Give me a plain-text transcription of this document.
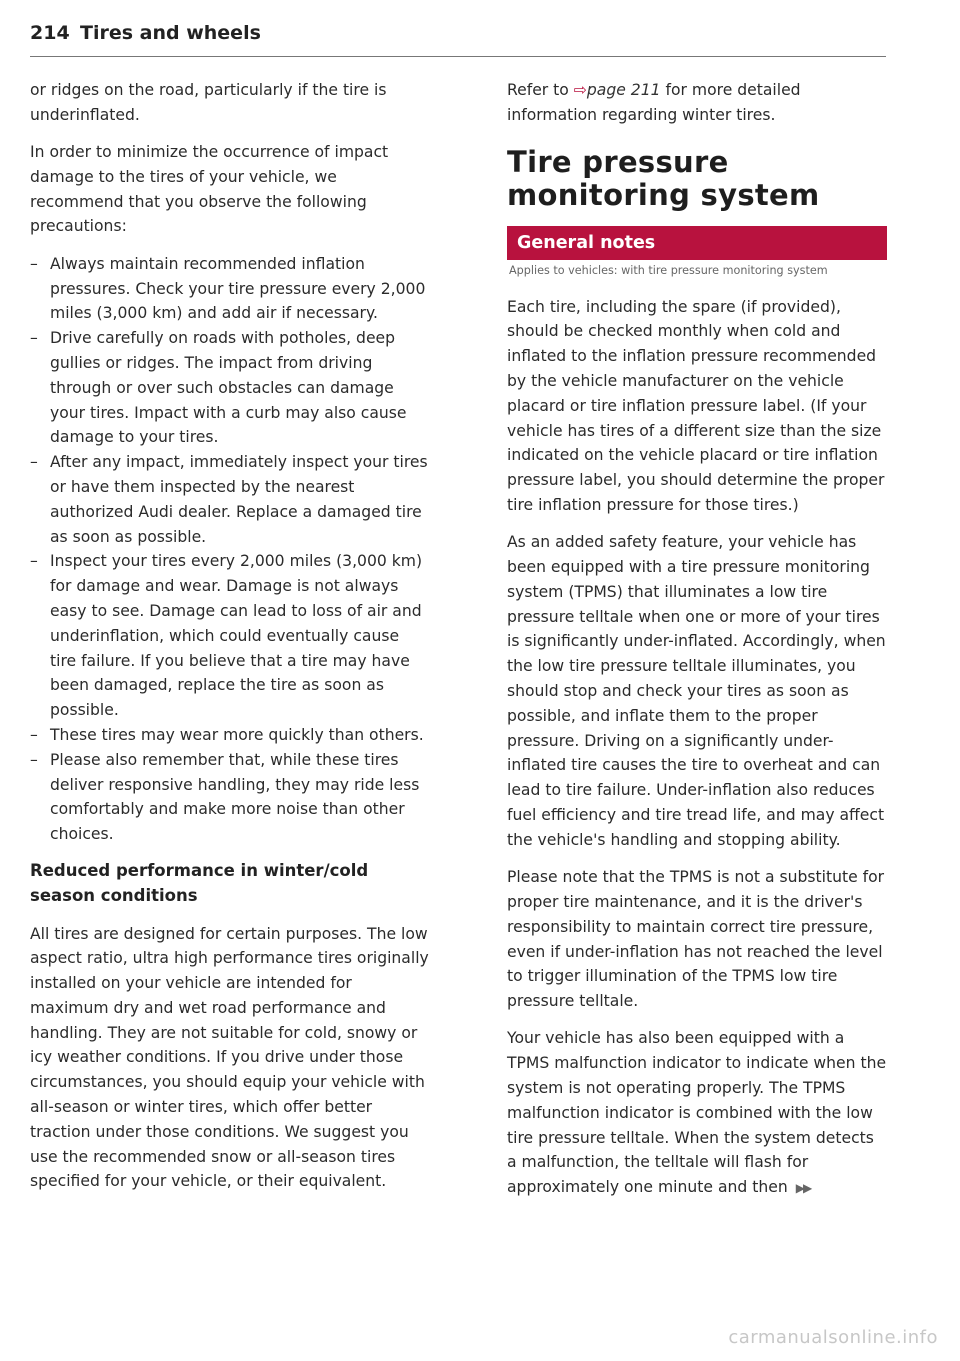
214 Tires and wheels

or ridges on the road, particularly if the tire is underinflated.

In order to minimize the occurrence of impact damage to the tires of your vehicle, we recommend that you observe the following precautions:

– Always maintain recommended inflation pressures. Check your tire pressure every 2,000 miles (3,000 km) and add air if necessary.
– Drive carefully on roads with potholes, deep gullies or ridges. The impact from driving through or over such obstacles can damage your tires. Impact with a curb may also cause damage to your tires.
– After any impact, immediately inspect your tires or have them inspected by the nearest authorized Audi dealer. Replace a damaged tire as soon as possible.
– Inspect your tires every 2,000 miles (3,000 km) for damage and wear. Damage is not always easy to see. Damage can lead to loss of air and underinflation, which could eventually cause tire failure. If you believe that a tire may have been damaged, replace the tire as soon as possible.
– These tires may wear more quickly than others.
– Please also remember that, while these tires deliver responsive handling, they may ride less comfortably and make more noise than other choices.
Reduced performance in winter/cold season conditions

All tires are designed for certain purposes. The low aspect ratio, ultra high performance tires originally installed on your vehicle are intended for maximum dry and wet road performance and handling. They are not suitable for cold, snowy or icy weather conditions. If you drive under those circumstances, you should equip your vehicle with all-season or winter tires, which offer better traction under those conditions. We suggest you use the recommended snow or all-season tires specified for your vehicle, or their equivalent.

Refer to ⇨page 211 for more detailed information regarding winter tires.

Tire pressure monitoring system
General notes
Applies to vehicles: with tire pressure monitoring system

Each tire, including the spare (if provided), should be checked monthly when cold and inflated to the inflation pressure recommended by the vehicle manufacturer on the vehicle placard or tire inflation pressure label. (If your vehicle has tires of a different size than the size indicated on the vehicle placard or tire inflation pressure label, you should determine the proper tire inflation pressure for those tires.)

As an added safety feature, your vehicle has been equipped with a tire pressure monitoring system (TPMS) that illuminates a low tire pressure telltale when one or more of your tires is significantly under-inflated. Accordingly, when the low tire pressure telltale illuminates, you should stop and check your tires as soon as possible, and inflate them to the proper pressure. Driving on a significantly under-inflated tire causes the tire to overheat and can lead to tire failure. Under-inflation also reduces fuel efficiency and tire tread life, and may affect the vehicle's handling and stopping ability.

Please note that the TPMS is not a substitute for proper tire maintenance, and it is the driver's responsibility to maintain correct tire pressure, even if under-inflation has not reached the level to trigger illumination of the TPMS low tire pressure telltale.

Your vehicle has also been equipped with a TPMS malfunction indicator to indicate when the system is not operating properly. The TPMS malfunction indicator is combined with the low tire pressure telltale. When the system detects a malfunction, the telltale will flash for approximately one minute and then ▶▶

carmanualsonline.info
